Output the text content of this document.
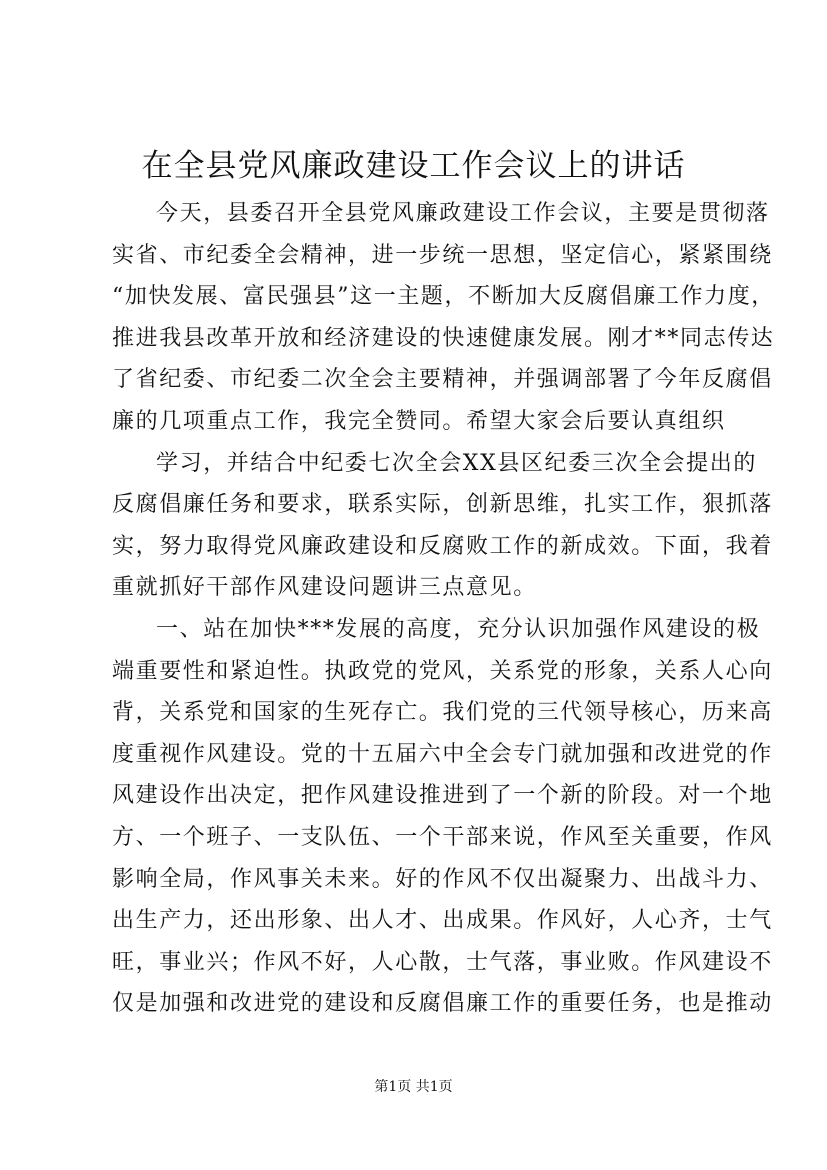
在全县党风廉政建设工作会议上的讲话
今天，县委召开全县党风廉政建设工作会议，主要是贯彻落
实省、市纪委全会精神，进一步统一思想，坚定信心，紧紧围绕
“加快发展、富民强县”这一主题，不断加大反腐倡廉工作力度，
推进我县改革开放和经济建设的快速健康发展。刚才**同志传达
了省纪委、市纪委二次全会主要精神，并强调部署了今年反腐倡
廉的几项重点工作，我完全赞同。希望大家会后要认真组织
学习，并结合中纪委七次全会XX县区纪委三次全会提出的
反腐倡廉任务和要求，联系实际，创新思维，扎实工作，狠抓落
实，努力取得党风廉政建设和反腐败工作的新成效。下面，我着
重就抓好干部作风建设问题讲三点意见。
一、站在加快***发展的高度，充分认识加强作风建设的极
端重要性和紧迫性。执政党的党风，关系党的形象，关系人心向
背，关系党和国家的生死存亡。我们党的三代领导核心，历来高
度重视作风建设。党的十五届六中全会专门就加强和改进党的作
风建设作出决定，把作风建设推进到了一个新的阶段。对一个地
方、一个班子、一支队伍、一个干部来说，作风至关重要，作风
影响全局，作风事关未来。好的作风不仅出凝聚力、出战斗力、
出生产力，还出形象、出人才、出成果。作风好，人心齐，士气
旺，事业兴；作风不好，人心散，士气落，事业败。作风建设不
仅是加强和改进党的建设和反腐倡廉工作的重要任务，也是推动
第1页 共1页
